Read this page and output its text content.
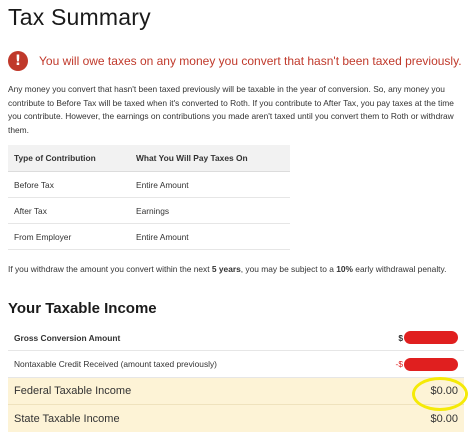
Tax Summary
!	You will owe taxes on any money you convert that hasn't been taxed previously.

Any money you convert that hasn't been taxed previously will be taxable in the year of conversion. So, any money you contribute to Before Tax will be taxed when it's converted to Roth. If you contribute to After Tax, you pay taxes at the time you contribute. However, the earnings on contributions you made aren't taxed until you convert them to Roth or withdraw them.

Type of Contribution	What You Will Pay Taxes On
Before Tax	Entire Amount
After Tax	Earnings
From Employer	Entire Amount

If you withdraw the amount you convert within the next 5 years, you may be subject to a 10% early withdrawal penalty.

Your Taxable Income
Gross Conversion Amount	$
Nontaxable Credit Received (amount taxed previously)	-$
Federal Taxable Income	$0.00
State Taxable Income	$0.00
